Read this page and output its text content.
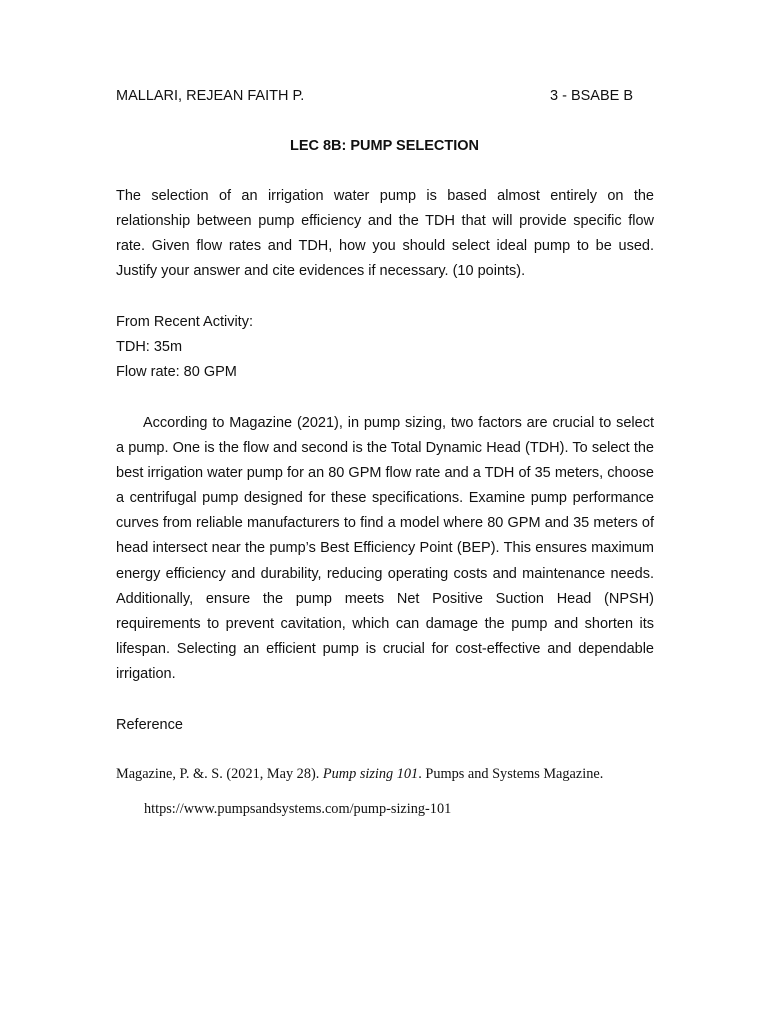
MALLARI, REJEAN FAITH P.	3 - BSABE B
LEC 8B: PUMP SELECTION

The selection of an irrigation water pump is based almost entirely on the relationship between pump efficiency and the TDH that will provide specific flow rate. Given flow rates and TDH, how you should select ideal pump to be used. Justify your answer and cite evidences if necessary. (10 points).

From Recent Activity:
TDH: 35m
Flow rate: 80 GPM

According to Magazine (2021), in pump sizing, two factors are crucial to select a pump. One is the flow and second is the Total Dynamic Head (TDH). To select the best irrigation water pump for an 80 GPM flow rate and a TDH of 35 meters, choose a centrifugal pump designed for these specifications. Examine pump performance curves from reliable manufacturers to find a model where 80 GPM and 35 meters of head intersect near the pump’s Best Efficiency Point (BEP). This ensures maximum energy efficiency and durability, reducing operating costs and maintenance needs. Additionally, ensure the pump meets Net Positive Suction Head (NPSH) requirements to prevent cavitation, which can damage the pump and shorten its lifespan. Selecting an efficient pump is crucial for cost-effective and dependable irrigation.

Reference
Magazine, P. &. S. (2021, May 28). Pump sizing 101. Pumps and Systems Magazine.
https://www.pumpsandsystems.com/pump-sizing-101
